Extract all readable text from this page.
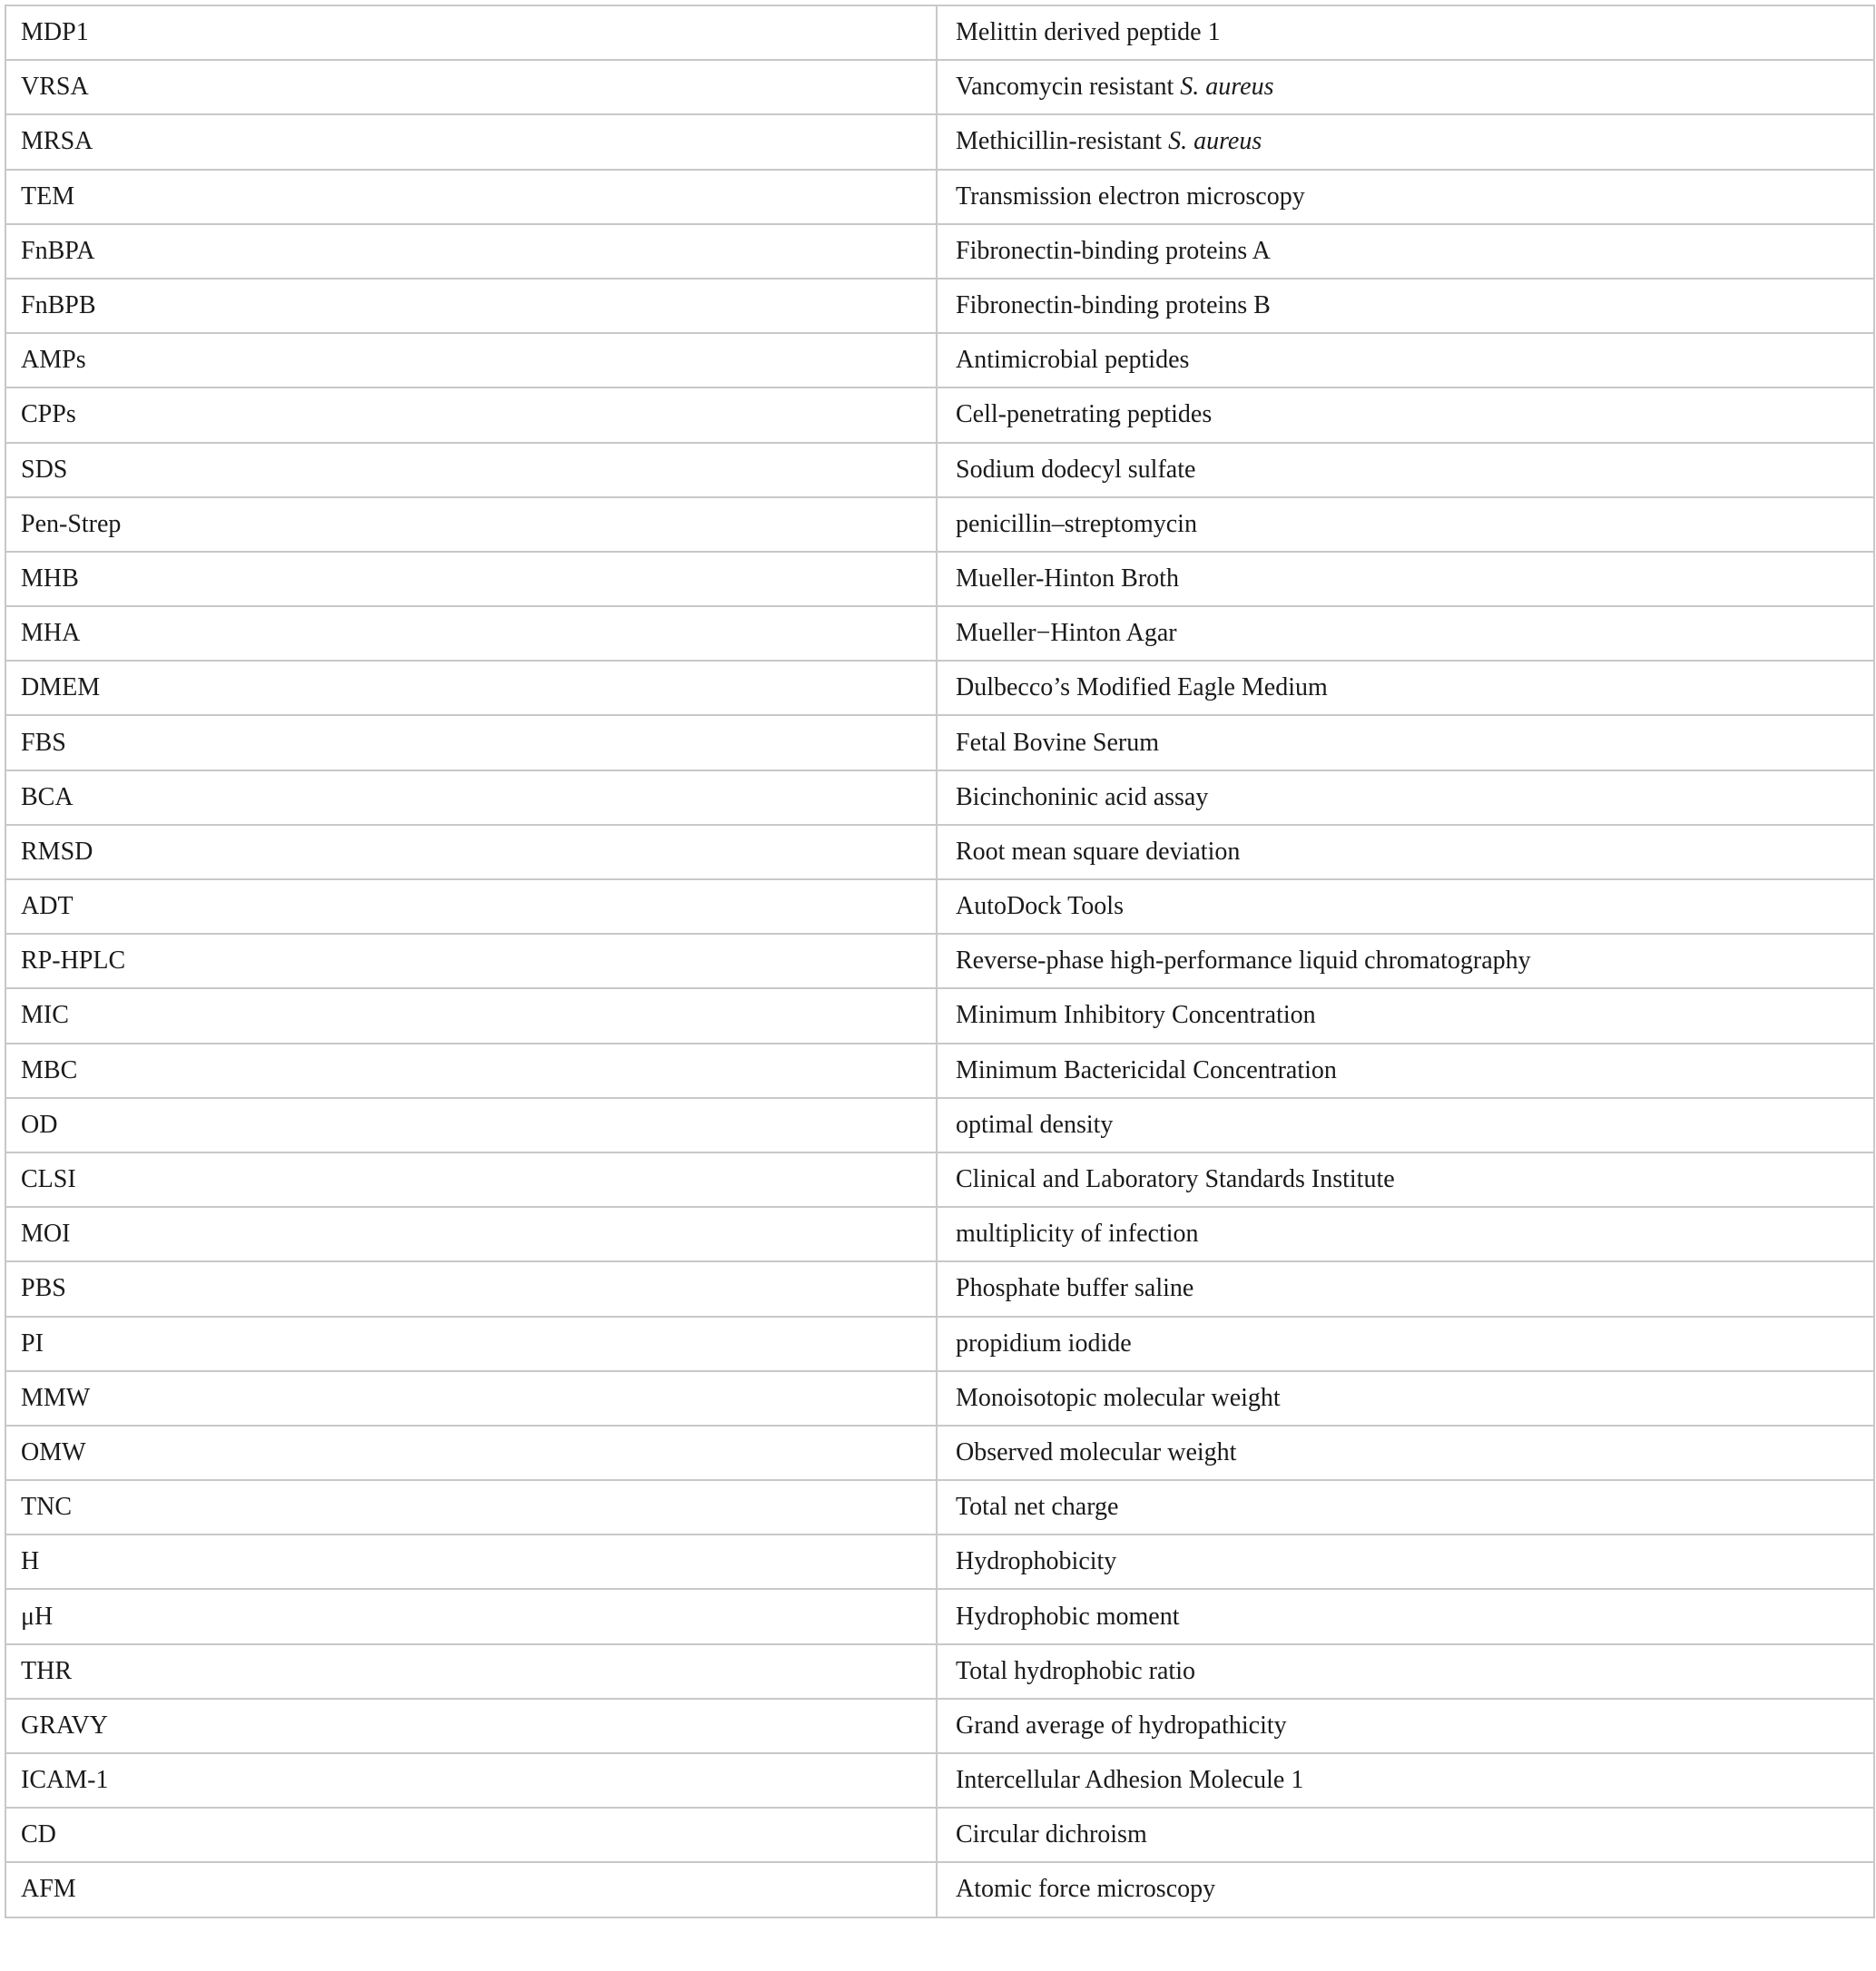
MDP1	Melittin derived peptide 1
VRSA	Vancomycin resistant S. aureus
MRSA	Methicillin-resistant S. aureus
TEM	Transmission electron microscopy
FnBPA	Fibronectin-binding proteins A
FnBPB	Fibronectin-binding proteins B
AMPs	Antimicrobial peptides
CPPs	Cell-penetrating peptides
SDS	Sodium dodecyl sulfate
Pen-Strep	penicillin–streptomycin
MHB	Mueller-Hinton Broth
MHA	Mueller−Hinton Agar
DMEM	Dulbecco’s Modified Eagle Medium
FBS	Fetal Bovine Serum
BCA	Bicinchoninic acid assay
RMSD	Root mean square deviation
ADT	AutoDock Tools
RP-HPLC	Reverse-phase high-performance liquid chromatography
MIC	Minimum Inhibitory Concentration
MBC	Minimum Bactericidal Concentration
OD	optimal density
CLSI	Clinical and Laboratory Standards Institute
MOI	multiplicity of infection
PBS	Phosphate buffer saline
PI	propidium iodide
MMW	Monoisotopic molecular weight
OMW	Observed molecular weight
TNC	Total net charge
H	Hydrophobicity
μH	Hydrophobic moment
THR	Total hydrophobic ratio
GRAVY	Grand average of hydropathicity
ICAM-1	Intercellular Adhesion Molecule 1
CD	Circular dichroism
AFM	Atomic force microscopy
